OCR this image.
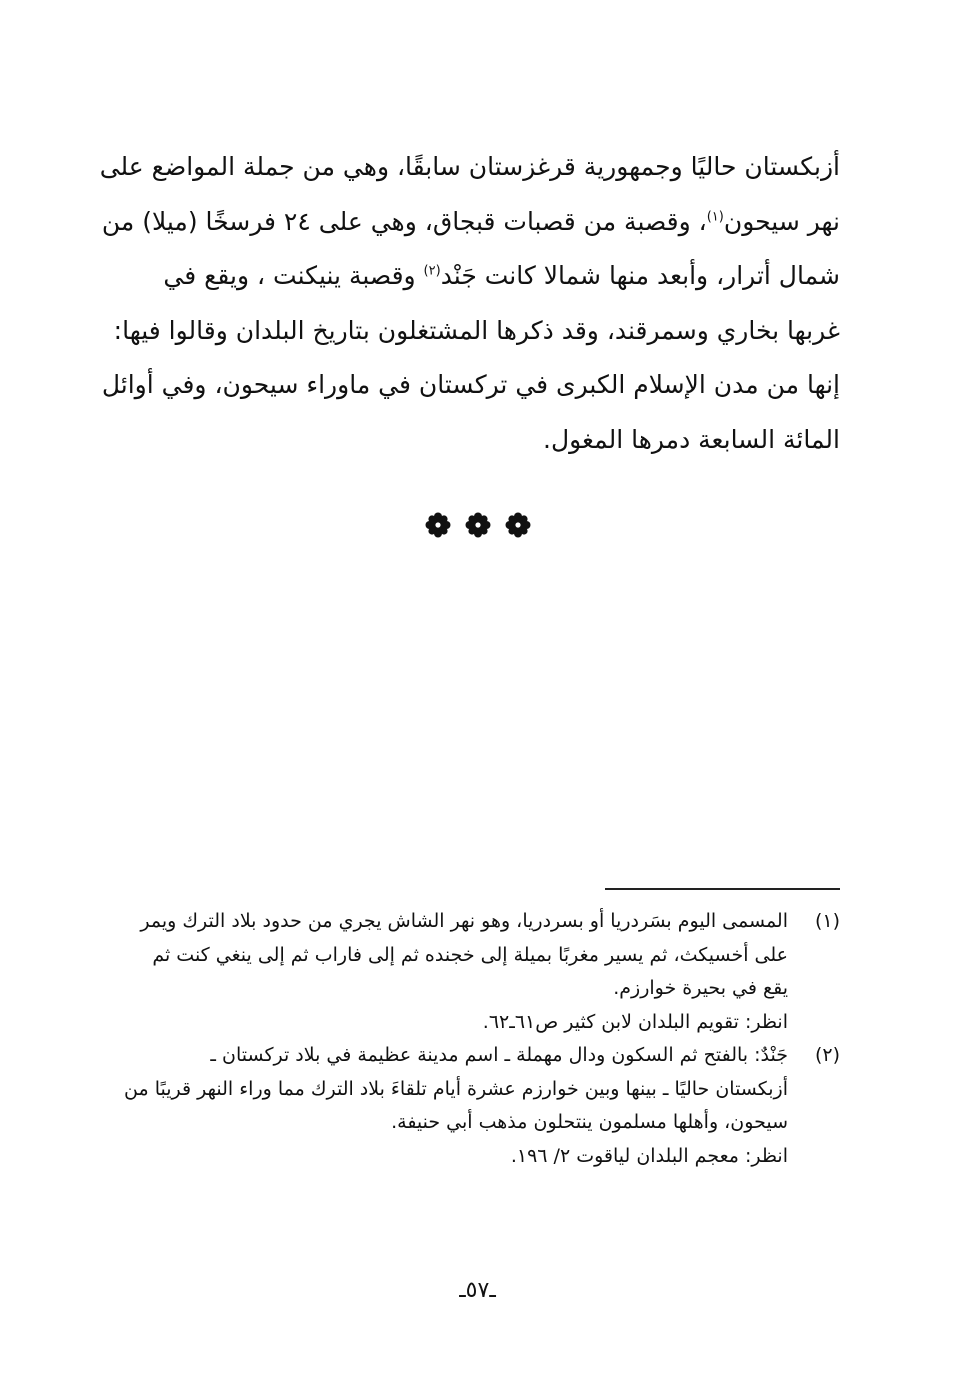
أزبكستان حاليًا وجمهورية قرغزستان سابقًا، وهي من جملة المواضع على
نهر سيحون$^{(١)}$، وقصبة من قصبات قبجاق، وهي على ٢٤ فرسخًا (ميلا) من
شمال أترار، وأبعد منها شمالا كانت جَنْد$^{(٢)}$ وقصبة ينيكنت ، ويقع في
غربها بخاري وسمرقند، وقد ذكرها المشتغلون بتاريخ البلدان وقالوا فيها:
إنها من مدن الإسلام الكبرى في تركستان في ماوراء سيحون، وفي أوائل
المائة السابعة دمرها المغول.
(١)
المسمى اليوم بسَردريا أو بسردريا، وهو نهر الشاش يجري من حدود بلاد الترك ويمر
على أخسيكث، ثم يسير مغربًا بميلة إلى خجنده ثم إلى فاراب ثم إلى ينغي كنت ثم
يقع في بحيرة خوارزم.
انظر: تقويم البلدان لابن كثير ص٦١ـ٦٢.
(٢)
جَنْدٌ: بالفتح ثم السكون ودال مهملة ـ اسم مدينة عظيمة في بلاد تركستان ـ
أزبكستان حاليًا ـ بينها وبين خوارزم عشرة أيام تلقاءَ بلاد الترك مما وراء النهر قريبًا من
سيحون، وأهلها مسلمون ينتحلون مذهب أبي حنيفة.
انظر: معجم البلدان لياقوت ٢/ ١٩٦.
ـ٥٧ـ
